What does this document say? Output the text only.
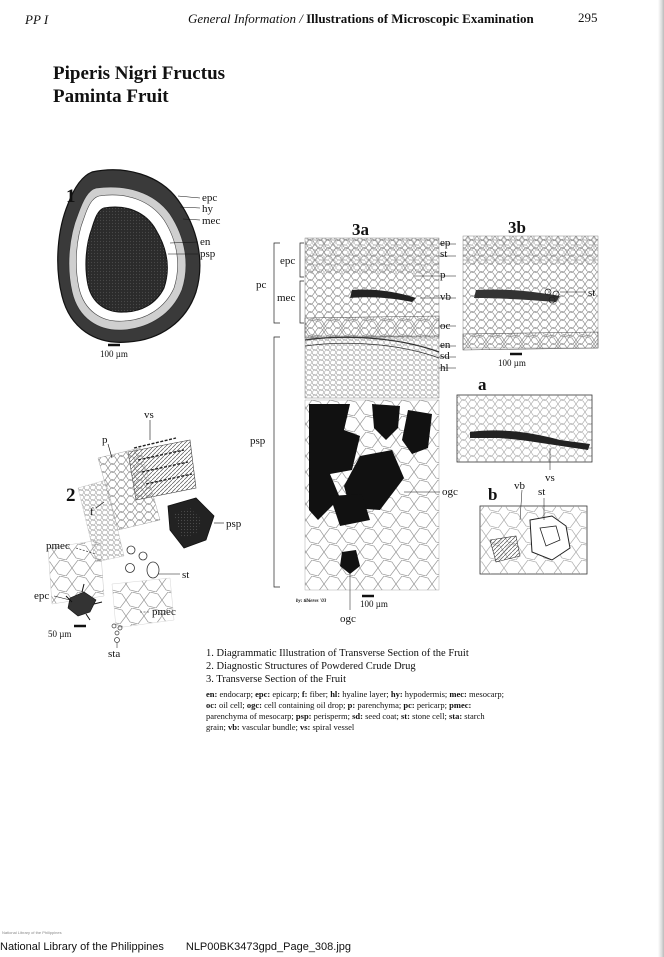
PP I	General Information / Illustrations of Microscopic Examination	295
Piperis Nigri Fructus
Paminta Fruit
1	epc
hy
mec
en
psp
100 µm
vs
p
2
f
psp
pmec
st
epc
pmec
50 µm
sta
3a	3b
epc
pc
mec
psp
ep
st
p
vb
oc
en
sd
hl
st
100 µm
a
vs
b vb st
ogc
ogc
100 µm
by: tibieres '03
1. Diagrammatic Illustration of Transverse Section of the Fruit
2. Diagnostic Structures of Powdered Crude Drug
3. Transverse Section of the Fruit
en: endocarp; epc: epicarp; f: fiber; hl: hyaline layer; hy: hypodermis; mec: mesocarp; oc: oil cell; ogc: cell containing oil drop; p: parenchyma; pc: pericarp; pmec: parenchyma of mesocarp; psp: perisperm; sd: seed coat; st: stone cell; sta: starch grain; vb: vascular bundle; vs: spiral vessel
National Library of the Philippines
National Library of the Philippines NLP00BK3473gpd_Page_308.jpg
